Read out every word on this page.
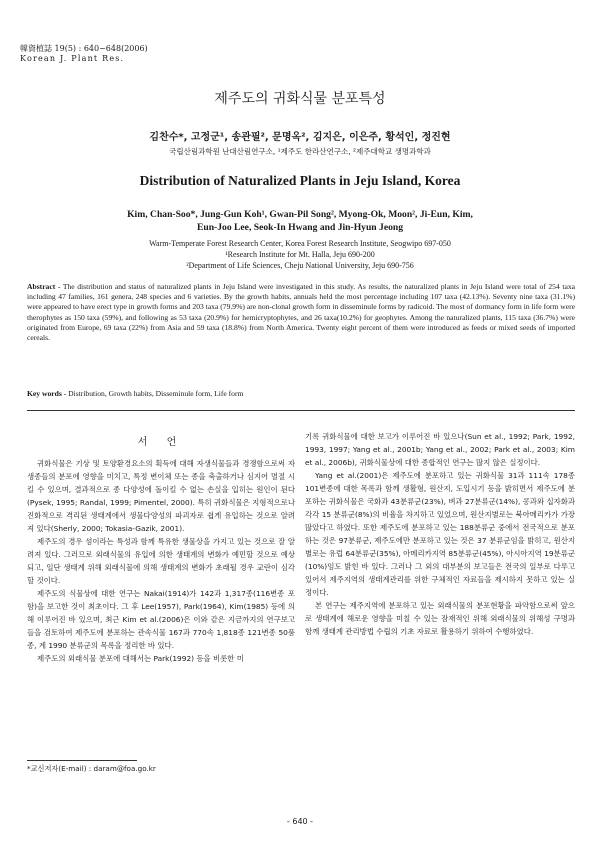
韓資植誌 19(5) : 640~648(2006)
Korean J. Plant Res.
제주도의 귀화식물 분포특성
김찬수*, 고정군¹, 송관필², 문명옥², 김지은, 이은주, 황석인, 정진현
국립산림과학원 난대산림연구소, ¹제주도 한라산연구소, ²제주대학교 생명과학과
Distribution of Naturalized Plants in Jeju Island, Korea
Kim, Chan-Soo*, Jung-Gun Koh¹, Gwan-Pil Song², Myong-Ok, Moon², Ji-Eun, Kim,
Eun-Joo Lee, Seok-In Hwang and Jin-Hyun Jeong
Warm-Temperate Forest Research Center, Korea Forest Research Institute, Seogwipo 697-050
¹Research Institute for Mt. Halla, Jeju 690-200
²Department of Life Sciences, Cheju National University, Jeju 690-756
Abstract - The distribution and status of naturalized plants in Jeju Island were investigated in this study. As results, the naturalized plants in Jeju Island were total of 254 taxa including 47 families, 161 genera, 248 species and 6 varieties. By the growth habits, annuals held the most percentage including 107 taxa (42.13%). Seventy nine taxa (31.1%) were appeared to have erect type in growth forms and 203 taxa (79.9%) are non-clonal growth form in disseminule forms by radicoid. The most of dormancy form in life form were therophytes as 150 taxa (59%), and following as 53 taxa (20.9%) for hemicryptophytes, and 26 taxa(10.2%) for geophytes. Among the naturalized plants, 115 taxa (36.7%) were originated from Europe, 69 taxa (22%) from Asia and 59 taxa (18.8%) from North America. Twenty eight percent of them were introduced as feeds or mixed seeds of imported cereals.
Key words - Distribution, Growth habits, Disseminule form, Life form
서 언

귀화식물은 기상 및 토양환경요소의 획득에 대해 자생식물들과 경쟁함으로써 자생종들의 분포에 영향을 미치고, 특정 변이체 또는 종을 축출하거나 심지어 멸절 시킬 수 있으며, 결과적으로 종 다양성에 돌이킬 수 없는 손실을 입히는 원인이 된다(Pysek, 1995; Randal, 1999; Pimentel, 2000). 특히 귀화식물은 지형적으로나 진화적으로 격리된 생태계에서 생물다양성의 파괴자로 쉽게 유입하는 것으로 알려져 있다(Sherly, 2000; Tokasia-Gazik, 2001).

제주도의 경우 섬이라는 특성과 함께 특유한 생물상을 가지고 있는 것으로 잘 알려져 있다. 그러므로 외래식물의 유입에 의한 생태계의 변화가 예민할 것으로 예상되고, 일단 생태계 위해 외래식물에 의해 생태계의 변화가 초래될 경우 교란이 심각할 것이다.

제주도의 식물상에 대한 연구는 Nakai(1914)가 142과 1,317종(116변종 포함)을 보고한 것이 최초이다. 그 후 Lee(1957), Park(1964), Kim(1985) 등에 의해 이루어진 바 있으며, 최근 Kim et al.(2006)은 이와 같은 지금까지의 연구보고들을 검토하여 제주도에 분포하는 관속식물 167과 770속 1,818종 121변종 50품종, 계 1990 분류군의 목록을 정리한 바 있다.

제주도의 외래식물 분포에 대해서는 Park(1992) 등을 비롯한 미

기록 귀화식물에 대한 보고가 이루어진 바 있으나(Sun et al., 1992; Park, 1992, 1993, 1997; Yang et al., 2001b; Yang et al., 2002; Park et al., 2003; Kim et al., 2006b), 귀화식물상에 대한 종합적인 연구는 많지 않은 실정이다.

Yang et al.(2001)은 제주도에 분포하고 있는 귀화식물 31과 111속 178종 101변종에 대한 목록과 함께 생활형, 원산지, 도입시기 등을 밝히면서 제주도에 분포하는 귀화식물은 국화과 43분류군(23%), 벼과 27분류군(14%), 콩과와 십자화과 각각 15 분류군(8%)의 비율을 차지하고 있었으며, 원산지별로는 북아메리카가 가장 많았다고 하였다. 또한 제주도에 분포하고 있는 188분류군 중에서 전국적으로 분포하는 것은 97분류군, 제주도에만 분포하고 있는 것은 37 분류군임을 밝히고, 원산지별로는 유럽 64분류군(35%), 아메리카지역 85분류군(45%), 아시아지역 19분류군(10%)임도 밝힌 바 있다. 그러나 그 외의 대부분의 보고들은 전국의 일부로 다루고 있어서 제주지역의 생태계관리를 위한 구체적인 자료들을 제시하지 못하고 있는 실정이다.

본 연구는 제주지역에 분포하고 있는 외래식물의 분포현황을 파악함으로써 앞으로 생태계에 해로운 영향을 미칠 수 있는 잠재적인 위해 외래식물의 위해성 구명과 함께 생태계 관리방법 수립의 기초 자료로 활용하기 위하여 수행하였다.

*교신저자(E-mail) : daram@foa.go.kr
- 640 -
